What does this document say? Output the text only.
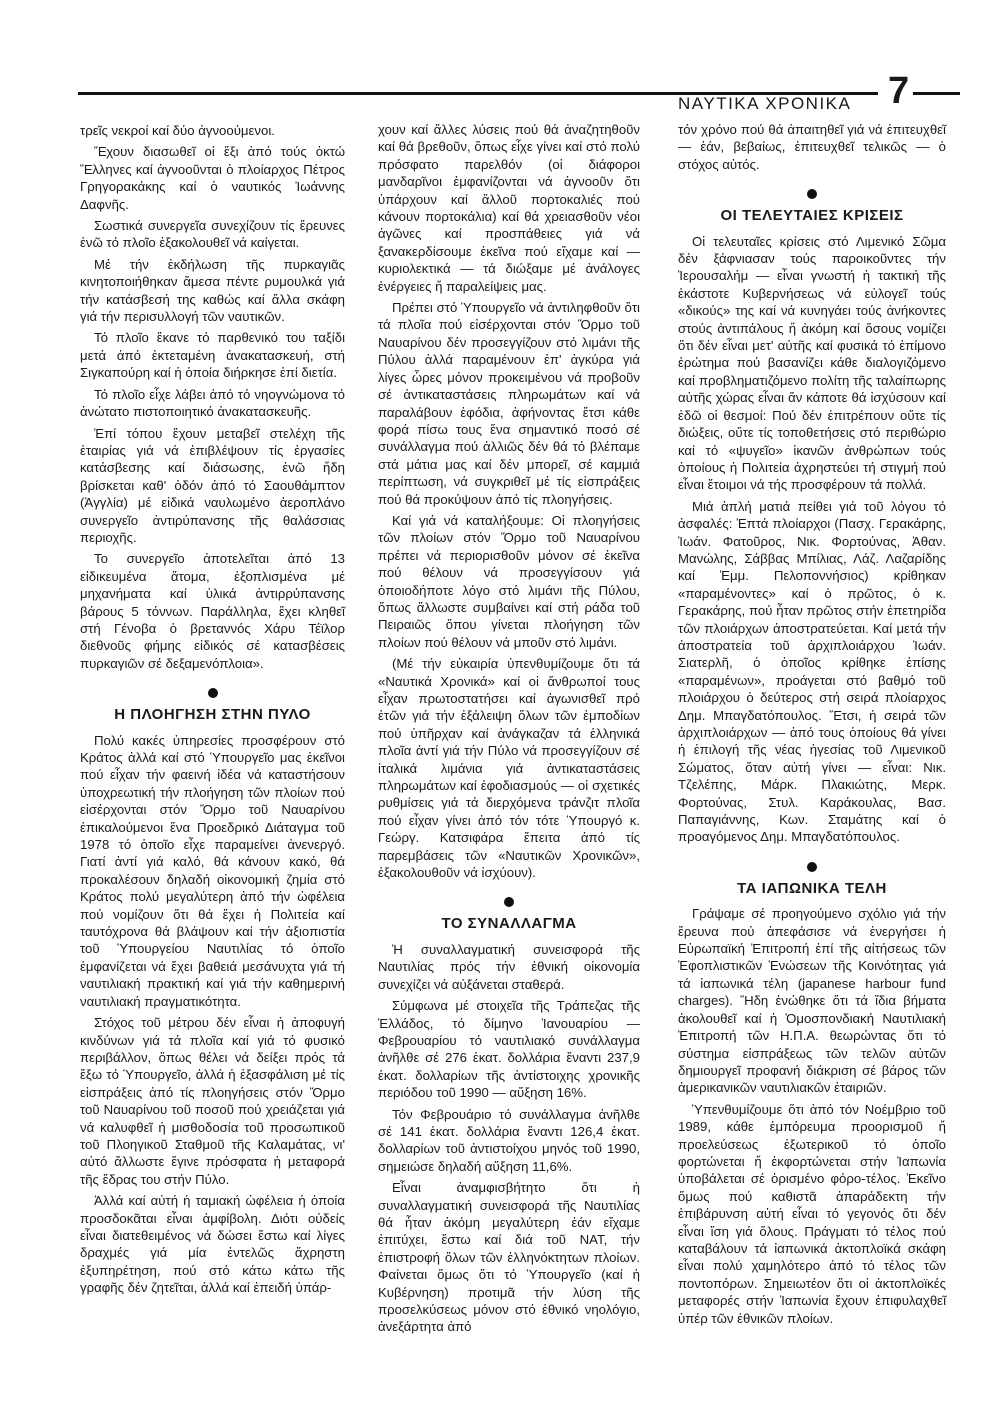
ΝΑΥΤΙΚΑ ΧΡΟΝΙΚΑ 7

τρεῖς νεκροί καί δύο ἀγνοούμενοι.

Ἔχουν διασωθεῖ οἱ ἕξι ἀπό τούς ὀκτώ Ἕλληνες καί ἀγνοοῦνται ὁ πλοίαρχος Πέτρος Γρηγορακάκης καί ὁ ναυτικός Ἰωάννης Δαφνῆς.

Σωστικά συνεργεῖα συνεχίζουν τίς ἔρευνες ἐνῶ τό πλοῖο ἐξακολουθεῖ νά καίγεται.

Μέ τήν ἐκδήλωση τῆς πυρκαγιᾶς κινητοποιήθηκαν ἄμεσα πέντε ρυμουλκά γιά τήν κατάσβεσή της καθώς καί ἄλλα σκάφη γιά τήν περισυλλογή τῶν ναυτικῶν.

Τό πλοῖο ἔκανε τό παρθενικό του ταξίδι μετά ἀπό ἐκτεταμένη ἀνακατασκευή, στή Σιγκαπούρη καί ἡ ὁποία διήρκησε ἐπί διετία.

Τό πλοῖο εἶχε λάβει ἀπό τό νηογνώμονα τό ἀνώτατο πιστοποιητικό ἀνακατασκευῆς.

Ἐπί τόπου ἔχουν μεταβεῖ στελέχη τῆς ἑταιρίας γιά νά ἐπιβλέψουν τίς ἐργασίες κατάσβεσης καί διάσωσης, ἐνῶ ἤδη βρίσκεται καθ' ὁδόν ἀπό τό Σαουθάμπτον (Ἀγγλία) μέ εἰδικά ναυλωμένο ἀεροπλάνο συνεργεῖο ἀντιρύπανσης τῆς θαλάσσιας περιοχῆς.

Το συνεργεῖο ἀποτελεῖται ἀπό 13 εἰδικευμένα ἄτομα, ἐξοπλισμένα μέ μηχανήματα καί ὑλικά ἀντιρρύπανσης βάρους 5 τόννων. Παράλληλα, ἔχει κληθεῖ στή Γένοβα ὁ βρεταννός Χάρυ Τέϊλορ διεθνοῦς φήμης εἰδικός σέ κατασβέσεις πυρκαγιῶν σέ δεξαμενόπλοια».

Η ΠΛΟΗΓΗΣΗ ΣΤΗΝ ΠΥΛΟ

Πολύ κακές ὑπηρεσίες προσφέρουν στό Κράτος ἀλλά καί στό Ὑπουργεῖο μας ἐκεῖνοι πού εἶχαν τήν φαεινή ἰδέα νά καταστήσουν ὑποχρεωτική τήν πλοήγηση τῶν πλοίων πού εἰσέρχονται στόν Ὅρμο τοῦ Ναυαρίνου ἐπικαλούμενοι ἕνα Προεδρικό Διάταγμα τοῦ 1978 τό ὁποῖο εἶχε παραμείνει ἀνενεργό. Γιατί ἀντί γιά καλό, θά κάνουν κακό, θά προκαλέσουν δηλαδή οἰκονομική ζημία στό Κράτος πολύ μεγαλύτερη ἀπό τήν ὠφέλεια πού νομίζουν ὅτι θά ἔχει ἡ Πολιτεία καί ταυτόχρονα θά βλάψουν καί τήν ἀξιοπιστία τοῦ Ὑπουργείου Ναυτιλίας τό ὁποῖο ἐμφανίζεται νά ἔχει βαθειά μεσάνυχτα γιά τή ναυτιλιακή πρακτική καί γιά τήν καθημερινή ναυτιλιακή πραγματικότητα.

Στόχος τοῦ μέτρου δέν εἶναι ἡ ἀποφυγή κινδύνων γιά τά πλοῖα καί γιά τό φυσικό περιβάλλον, ὅπως θέλει νά δείξει πρός τά ἔξω τό Ὑπουργεῖο, ἀλλά ἡ ἐξασφάλιση μέ τίς εἰσπράξεις ἀπό τίς πλοηγήσεις στόν Ὅρμο τοῦ Ναυαρίνου τοῦ ποσοῦ πού χρειάζεται γιά νά καλυφθεῖ ἡ μισθοδοσία τοῦ προσωπικοῦ τοῦ Πλοηγικοῦ Σταθμοῦ τῆς Καλαμάτας, νι' αὐτό ἄλλωστε ἔγινε πρόσφατα ἡ μεταφορά τῆς ἕδρας του στήν Πύλο.

Ἀλλά καί αὐτή ἡ ταμιακή ὠφέλεια ἡ ὁποία προσδοκᾶται εἶναι ἀμφίβολη. Διότι οὐδείς εἶναι διατεθειμένος νά δώσει ἔστω καί λίγες δραχμές γιά μία ἐντελῶς ἄχρηστη ἐξυπηρέτηση, πού στό κάτω κάτω τῆς γραφῆς δέν ζητεῖται, ἀλλά καί ἐπειδή ὑπάρ-

χουν καί ἄλλες λύσεις πού θά ἀναζητηθοῦν καί θά βρεθοῦν, ὅπως εἶχε γίνει καί στό πολύ πρόσφατο παρελθόν (οἱ διάφοροι μανδαρῖνοι ἐμφανίζονται νά ἀγνοοῦν ὅτι ὑπάρχουν καί ἄλλοῦ πορτοκαλιές πού κάνουν πορτοκάλια) καί θά χρειασθοῦν νέοι ἀγῶνες καί προσπάθειες γιά νά ξανακερδίσουμε ἐκεῖνα πού εἴχαμε καί — κυριολεκτικά — τά διώξαμε μέ ἀνάλογες ἐνέργειες ἤ παραλείψεις μας.

Πρέπει στό Ὑπουργεῖο νά ἀντιληφθοῦν ὅτι τά πλοῖα πού εἰσέρχονται στόν Ὅρμο τοῦ Ναυαρίνου δέν προσεγγίζουν στό λιμάνι τῆς Πύλου ἀλλά παραμένουν ἐπ' ἀγκύρα γιά λίγες ὧρες μόνον προκειμένου νά προβοῦν σέ ἀντικαταστάσεις πληρωμάτων καί νά παραλάβουν ἐφόδια, ἀφήνοντας ἔτσι κάθε φορά πίσω τους ἕνα σημαντικό ποσό σέ συνάλλαγμα πού ἀλλιῶς δέν θά τό βλέπαμε στά μάτια μας καί δέν μπορεῖ, σέ καμμιά περίπτωση, νά συγκριθεῖ μέ τίς εἰσπράξεις πού θά προκύψουν ἀπό τίς πλοηγήσεις.

Καί γιά νά καταλήξουμε: Οἱ πλοηγήσεις τῶν πλοίων στόν Ὅρμο τοῦ Ναυαρίνου πρέπει νά περιορισθοῦν μόνον σέ ἐκεῖνα πού θέλουν νά προσεγγίσουν γιά ὁποιοδήποτε λόγο στό λιμάνι τῆς Πύλου, ὅπως ἄλλωστε συμβαίνει καί στή ράδα τοῦ Πειραιῶς ὅπου γίνεται πλοήγηση τῶν πλοίων πού θέλουν νά μποῦν στό λιμάνι.

(Μέ τήν εὐκαιρία ὑπενθυμίζουμε ὅτι τά «Ναυτικά Χρονικά» καί οἱ ἄνθρωποί τους εἶχαν πρωτοστατήσει καί ἀγωνισθεῖ πρό ἐτῶν γιά τήν ἐξάλειψη ὅλων τῶν ἐμποδίων πού ὑπῆρχαν καί ἀνάγκαζαν τά ἑλληνικά πλοῖα ἀντί γιά τήν Πύλο νά προσεγγίζουν σέ ἰταλικά λιμάνια γιά ἀντικαταστάσεις πληρωμάτων καί ἐφοδιασμούς — οἱ σχετικές ρυθμίσεις γιά τά διερχόμενα τράνζιτ πλοῖα πού εἶχαν γίνει ἀπό τόν τότε Ὑπουργό κ. Γεώργ. Κατσιφάρα ἔπειτα ἀπό τίς παρεμβάσεις τῶν «Ναυτικῶν Χρονικῶν», ἐξακολουθοῦν νά ἰσχύουν).

ΤΟ ΣΥΝΑΛΛΑΓΜΑ

Ἡ συναλλαγματική συνεισφορά τῆς Ναυτιλίας πρός τήν ἐθνική οἰκονομία συνεχίζει νά αὐξάνεται σταθερά.

Σύμφωνα μέ στοιχεῖα τῆς Τράπεζας τῆς Ἑλλάδος, τό δίμηνο Ἰανουαρίου — Φεβρουαρίου τό ναυτιλιακό συνάλλαγμα ἀνῆλθε σέ 276 ἑκατ. δολλάρια ἔναντι 237,9 ἑκατ. δολλαρίων τῆς ἀντίστοιχης χρονικῆς περιόδου τοῦ 1990 — αὔξηση 16%.

Τόν Φεβρουάριο τό συνάλλαγμα ἀνῆλθε σέ 141 ἑκατ. δολλάρια ἔναντι 126,4 ἑκατ. δολλαρίων τοῦ ἀντιστοίχου μηνός τοῦ 1990, σημειώσε δηλαδή αὔξηση 11,6%.

Εἶναι ἀναμφισβήτητο ὅτι ἡ συναλλαγματική συνεισφορά τῆς Ναυτιλίας θά ἦταν ἀκόμη μεγαλύτερη ἐάν εἴχαμε ἐπιτύχει, ἔστω καί διά τοῦ ΝΑΤ, τήν ἐπιστροφή ὅλων τῶν ἑλληνόκτητων πλοίων. Φαίνεται ὅμως ὅτι τό Ὑπουργεῖο (καί ἡ Κυβέρνηση) προτιμᾶ τήν λύση τῆς προσελκύσεως μόνον στό ἐθνικό νηολόγιο, ἀνεξάρτητα ἀπό

τόν χρόνο πού θά ἀπαιτηθεῖ γιά νά ἐπιτευχθεῖ — ἐάν, βεβαίως, ἐπιτευχθεῖ τελικῶς — ὁ στόχος αὐτός.

ΟΙ ΤΕΛΕΥΤΑΙΕΣ ΚΡΙΣΕΙΣ

Οἱ τελευταῖες κρίσεις στό Λιμενικό Σῶμα δέν ξάφνιασαν τούς παροικοῦντες τήν Ἱερουσαλήμ — εἶναι γνωστή ἡ τακτική τῆς ἑκάστοτε Κυβερνήσεως νά εὐλογεῖ τούς «δικούς» της καί νά κυνηγάει τούς ἀνήκοντες στούς ἀντιπάλους ἤ ἀκόμη καί ὅσους νομίζει ὅτι δέν εἶναι μετ' αὐτῆς καί φυσικά τό ἐπίμονο ἐρώτημα πού βασανίζει κάθε διαλογιζόμενο καί προβληματιζόμενο πολίτη τῆς ταλαίπωρης αὐτῆς χώρας εἶναι ἄν κάποτε θά ἰσχύσουν καί ἐδῶ οἱ θεσμοί: Πού δέν ἐπιτρέπουν οὔτε τίς διώξεις, οὔτε τίς τοποθετήσεις στό περιθώριο καί τό «ψυγεῖο» ἱκανῶν ἀνθρώπων τούς ὁποίους ἡ Πολιτεία ἀχρηστεύει τή στιγμή πού εἶναι ἕτοιμοι νά τής προσφέρουν τά πολλά.

Μιά ἁπλή ματιά πείθει γιά τοῦ λόγου τό ἀσφαλές: Ἑπτά πλοίαρχοι (Πασχ. Γερακάρης, Ἰωάν. Φατοῦρος, Νικ. Φορτούνας, Ἀθαν. Μανώλης, Σάββας Μπίλιας, Λάζ. Λαζαρίδης καί Ἐμμ. Πελοποννήσιος) κρίθηκαν «παραμένοντες» καί ὁ πρῶτος, ὁ κ. Γερακάρης, πού ἦταν πρῶτος στήν ἐπετηρίδα τῶν πλοιάρχων ἀποστρατεύεται. Καί μετά τήν ἀποστρατεία τοῦ ἀρχιπλοιάρχου Ἰωάν. Σιατερλῆ, ὁ ὁποῖος κρίθηκε ἐπίσης «παραμένων», προάγεται στό βαθμό τοῦ πλοιάρχου ὁ δεύτερος στή σειρά πλοίαρχος Δημ. Μπαγδατόπουλος. Ἔτσι, ἡ σειρά τῶν ἀρχιπλοιάρχων — ἀπό τους ὁποίους θά γίνει ἡ ἐπιλογή τῆς νέας ἡγεσίας τοῦ Λιμενικοῦ Σώματος, ὅταν αὐτή γίνει — εἶναι: Νικ. Τζελέπης, Μάρκ. Πλακιώτης, Μερκ. Φορτούνας, Στυλ. Καράκουλας, Βασ. Παπαγιάννης, Κων. Σταμάτης καί ὁ προαγόμενος Δημ. Μπαγδατόπουλος.

ΤΑ ΙΑΠΩΝΙΚΑ ΤΕΛΗ

Γράψαμε σέ προηγούμενο σχόλιο γιά τήν ἔρευνα πού ἀπεφάσισε νά ἐνεργήσει ἡ Εὐρωπαϊκή Ἐπιτροπή ἐπί τῆς αἰτήσεως τῶν Ἐφοπλιστικῶν Ἑνώσεων τῆς Κοινότητας γιά τά ἰαπωνικά τέλη (japanese harbour fund charges). Ἤδη ἑνώθηκε ὅτι τά ἴδια βήματα ἀκολουθεῖ καί ἡ Ὁμοσπονδιακή Ναυτιλιακή Ἐπιτροπή τῶν Η.Π.Α. θεωρώντας ὅτι τό σύστημα εἰσπράξεως τῶν τελῶν αὐτῶν δημιουργεῖ προφανή διάκριση σέ βάρος τῶν ἀμερικανικῶν ναυτιλιακῶν ἑταιριῶν.

Ὑπενθυμίζουμε ὅτι ἀπό τόν Νοέμβριο τοῦ 1989, κάθε ἐμπόρευμα προορισμοῦ ἤ προελεύσεως ἐξωτερικοῦ τό ὁποῖο φορτώνεται ἤ ἐκφορτώνεται στήν Ἰαπωνία ὑποβάλεται σέ ὁρισμένο φόρο-τέλος. Ἐκεῖνο ὅμως πού καθιστᾶ ἀπαράδεκτη τήν ἐπιβάρυνση αὐτή εἶναι τό γεγονός ὅτι δέν εἶναι ἴση γιά ὅλους. Πράγματι τό τέλος πού καταβάλουν τά ἰαπωνικά ἀκτοπλοϊκά σκάφη εἶναι πολύ χαμηλότερο ἀπό τό τέλος τῶν ποντοπόρων. Σημειωτέον ὅτι οἱ ἀκτοπλοϊκές μεταφορές στήν Ἰαπωνία ἔχουν ἐπιφυλαχθεῖ ὑπέρ τῶν ἐθνικῶν πλοίων.
